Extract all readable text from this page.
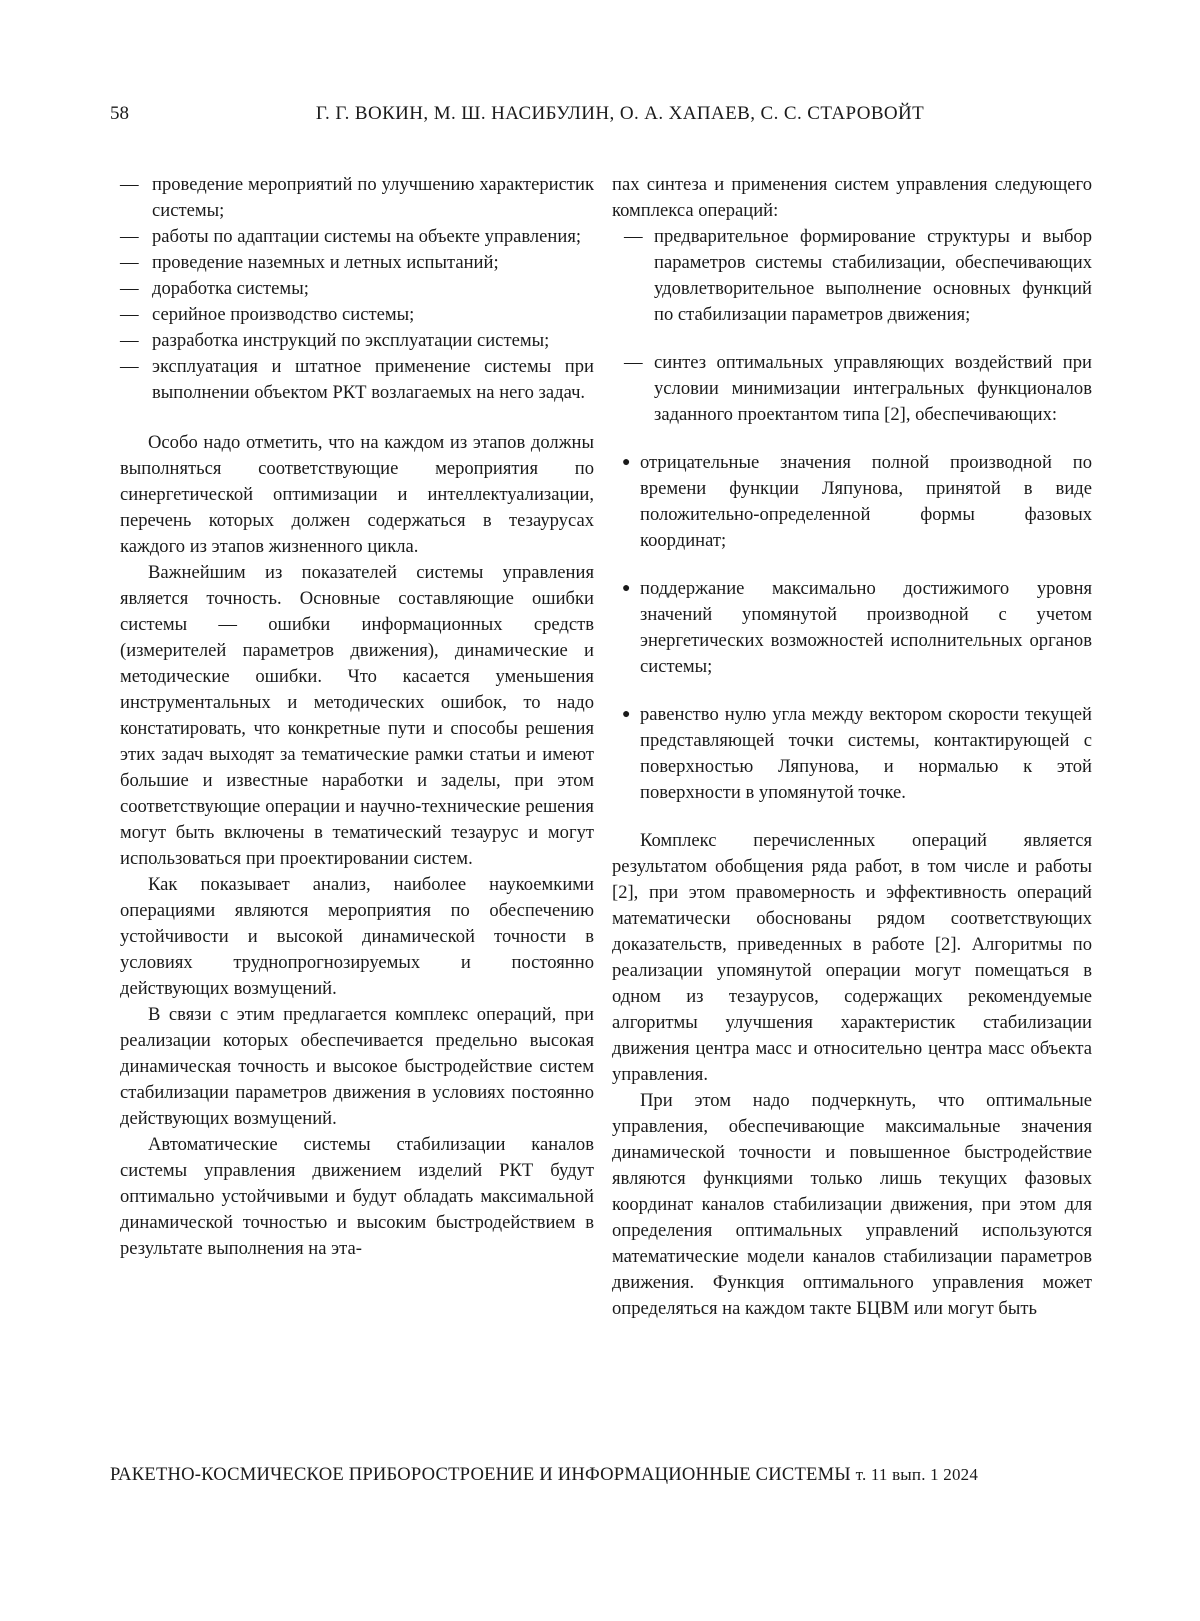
58	Г. Г. ВОКИН, М. Ш. НАСИБУЛИН, О. А. ХАПАЕВ, С. С. СТАРОВОЙТ
— проведение мероприятий по улучшению характеристик системы;
— работы по адаптации системы на объекте управления;
— проведение наземных и летных испытаний;
— доработка системы;
— серийное производство системы;
— разработка инструкций по эксплуатации системы;
— эксплуатация и штатное применение системы при выполнении объектом РКТ возлагаемых на него задач.

Особо надо отметить, что на каждом из этапов должны выполняться соответствующие мероприятия по синергетической оптимизации и интеллектуализации, перечень которых должен содержаться в тезаурусах каждого из этапов жизненного цикла.

Важнейшим из показателей системы управления является точность. Основные составляющие ошибки системы — ошибки информационных средств (измерителей параметров движения), динамические и методические ошибки. Что касается уменьшения инструментальных и методических ошибок, то надо констатировать, что конкретные пути и способы решения этих задач выходят за тематические рамки статьи и имеют большие и известные наработки и заделы, при этом соответствующие операции и научно-технические решения могут быть включены в тематический тезаурус и могут использоваться при проектировании систем.

Как показывает анализ, наиболее наукоемкими операциями являются мероприятия по обеспечению устойчивости и высокой динамической точности в условиях труднопрогнозируемых и постоянно действующих возмущений.

В связи с этим предлагается комплекс операций, при реализации которых обеспечивается предельно высокая динамическая точность и высокое быстродействие систем стабилизации параметров движения в условиях постоянно действующих возмущений.

Автоматические системы стабилизации каналов системы управления движением изделий РКТ будут оптимально устойчивыми и будут обладать максимальной динамической точностью и высоким быстродействием в результате выполнения на эта-

пах синтеза и применения систем управления следующего комплекса операций:

— предварительное формирование структуры и выбор параметров системы стабилизации, обеспечивающих удовлетворительное выполнение основных функций по стабилизации параметров движения;
— синтез оптимальных управляющих воздействий при условии минимизации интегральных функционалов заданного проектантом типа [2], обеспечивающих:
● отрицательные значения полной производной по времени функции Ляпунова, принятой в виде положительно-определенной формы фазовых координат;
● поддержание максимально достижимого уровня значений упомянутой производной с учетом энергетических возможностей исполнительных органов системы;
● равенство нулю угла между вектором скорости текущей представляющей точки системы, контактирующей с поверхностью Ляпунова, и нормалью к этой поверхности в упомянутой точке.

Комплекс перечисленных операций является результатом обобщения ряда работ, в том числе и работы [2], при этом правомерность и эффективность операций математически обоснованы рядом соответствующих доказательств, приведенных в работе [2]. Алгоритмы по реализации упомянутой операции могут помещаться в одном из тезаурусов, содержащих рекомендуемые алгоритмы улучшения характеристик стабилизации движения центра масс и относительно центра масс объекта управления.

При этом надо подчеркнуть, что оптимальные управления, обеспечивающие максимальные значения динамической точности и повышенное быстродействие являются функциями только лишь текущих фазовых координат каналов стабилизации движения, при этом для определения оптимальных управлений используются математические модели каналов стабилизации параметров движения. Функция оптимального управления может определяться на каждом такте БЦВМ или могут быть

РАКЕТНО-КОСМИЧЕСКОЕ ПРИБОРОСТРОЕНИЕ И ИНФОРМАЦИОННЫЕ СИСТЕМЫ т. 11 вып. 1 2024
